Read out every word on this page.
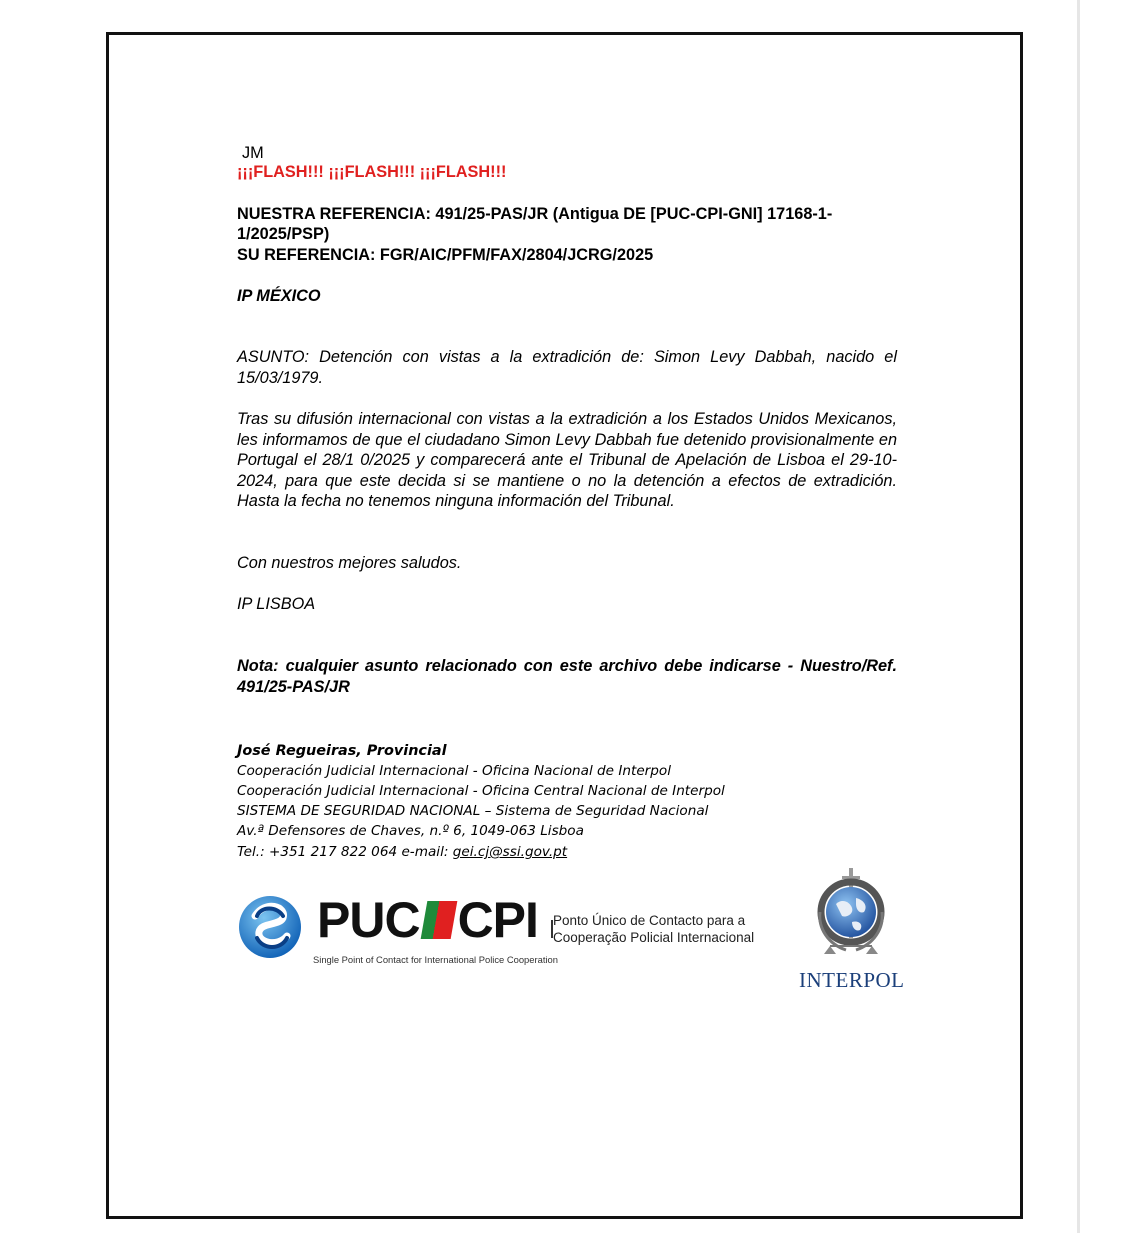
JM
¡¡¡FLASH!!! ¡¡¡FLASH!!! ¡¡¡FLASH!!!
NUESTRA REFERENCIA: 491/25-PAS/JR (Antigua DE [PUC-CPI-GNI] 17168-1-
1/2025/PSP)
SU REFERENCIA: FGR/AIC/PFM/FAX/2804/JCRG/2025
IP MÉXICO
ASUNTO: Detención con vistas a la extradición de: Simon Levy Dabbah, nacido el 15/03/1979.
Tras su difusión internacional con vistas a la extradición a los Estados Unidos Mexicanos, les informamos de que el ciudadano Simon Levy Dabbah fue detenido provisionalmente en Portugal el 28/1 0/2025 y comparecerá ante el Tribunal de Apelación de Lisboa el 29-10-2024, para que este decida si se mantiene o no la detención a efectos de extradición. Hasta la fecha no tenemos ninguna información del Tribunal.
Con nuestros mejores saludos.
IP LISBOA
Nota: cualquier asunto relacionado con este archivo debe indicarse - Nuestro/Ref. 491/25-PAS/JR
José Regueiras, Provincial
Cooperación Judicial Internacional - Oficina Nacional de Interpol
Cooperación Judicial Internacional - Oficina Central Nacional de Interpol
SISTEMA DE SEGURIDAD NACIONAL – Sistema de Seguridad Nacional
Av.ª Defensores de Chaves, n.º 6, 1049-063 Lisboa
Tel.: +351 217 822 064 e-mail: gei.cj@ssi.gov.pt
PUC CPI
Single Point of Contact for International Police Cooperation
Ponto Único de Contacto para a
Cooperação Policial Internacional
INTERPOL
